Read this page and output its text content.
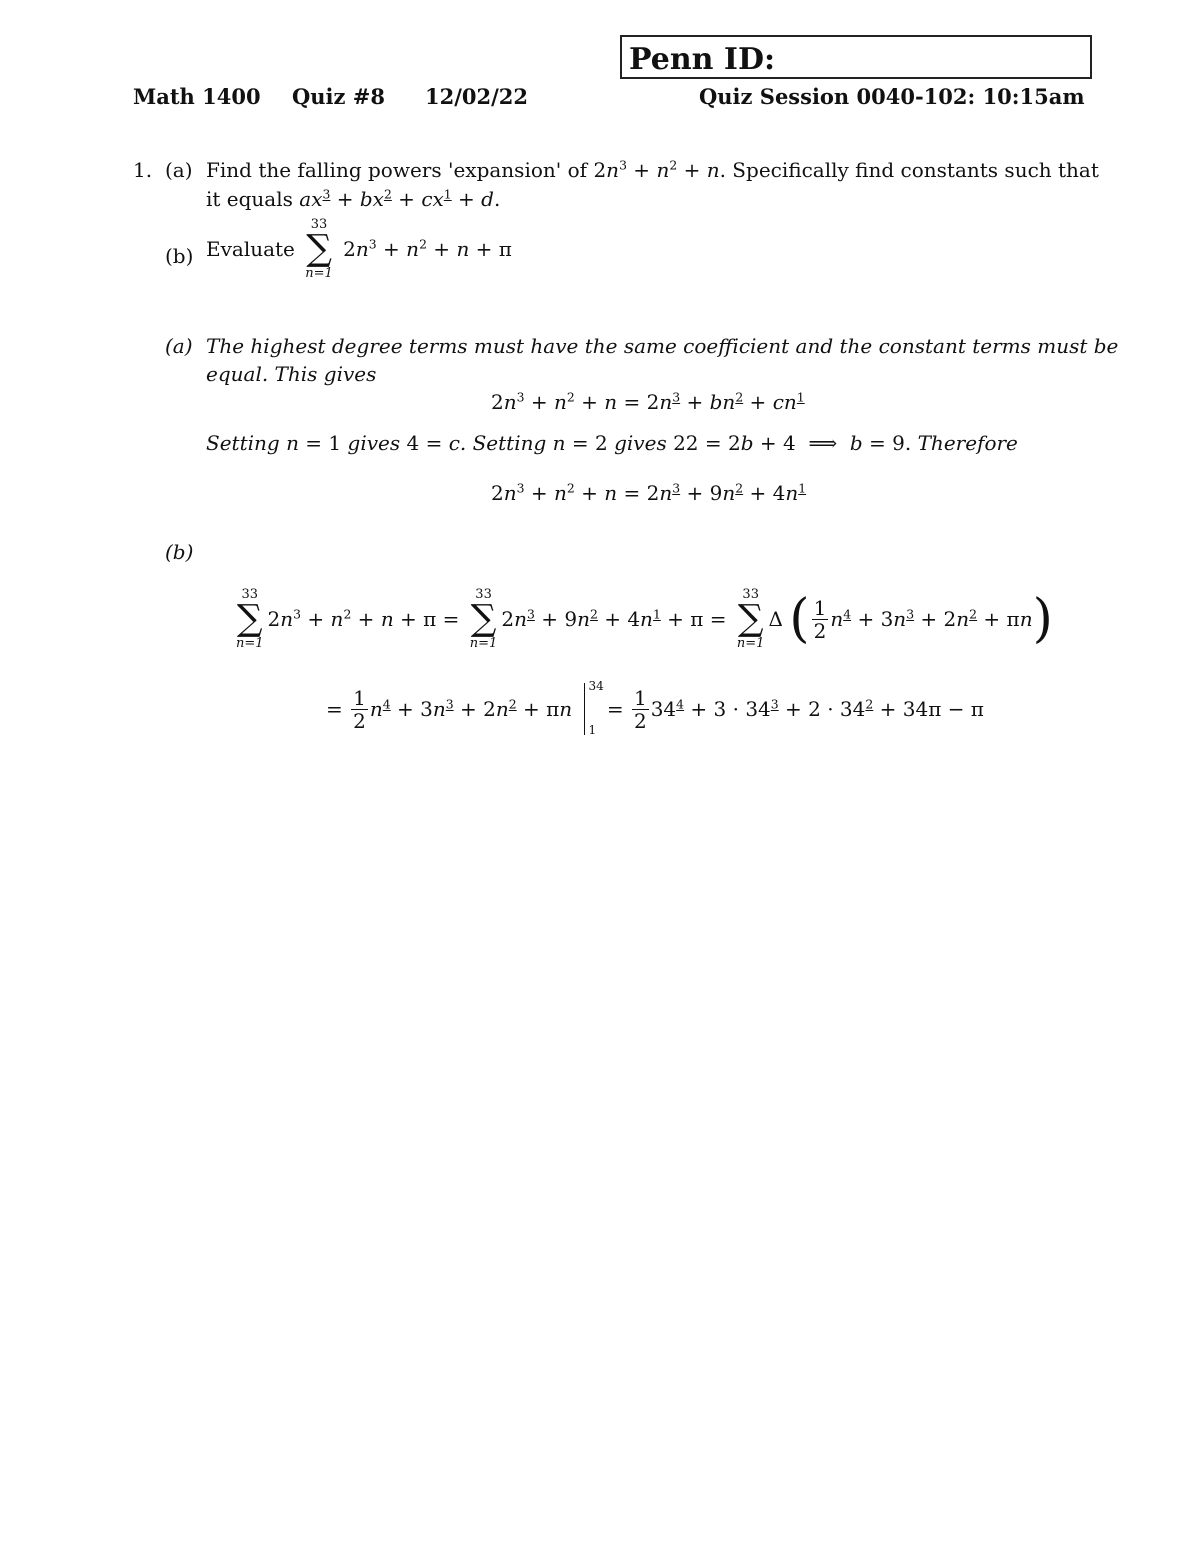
Penn ID:
Math 1400 Quiz #8 12/02/22	Quiz Session 0040-102: 10:15am
1. (a) Find the falling powers 'expansion' of $2n^3 + n^2 + n$. Specifically find constants such that
it equals $ax^3 + bx^2 + cx^1 + d$.
(b) Evaluate
33
∑
n=1
$2n^3 + n^2 + n + \pi$
(a) The highest degree terms must have the same coefficient and the constant terms must be
equal. This gives
$2n^3 + n^2 + n = 2n^3 + bn^2 + cn^1$
Setting n = 1 gives 4 = c. Setting n = 2 gives 22 = 2b + 4  ⟹  b = 9. Therefore
$2n^3 + n^2 + n = 2n^3 + 9n^2 + 4n^1$
(b)
33
∑
n=1
$2n^3 + n^2 + n + \pi$ =
33
∑
n=1
$2n^3 + 9n^2 + 4n^1 + \pi$ =
33
∑
n=1
Δ ( $\frac{1}{2} n^4 + 3n^3 + 2n^2 + \pi n$)
= $\frac{1}{2} n^4 + 3n^3 + 2n^2 + \pi n$
34
1
= $\frac{1}{2} 34^4 + 3 \cdot 34^3 + 2 \cdot 34^2 + 34\pi - \pi$
